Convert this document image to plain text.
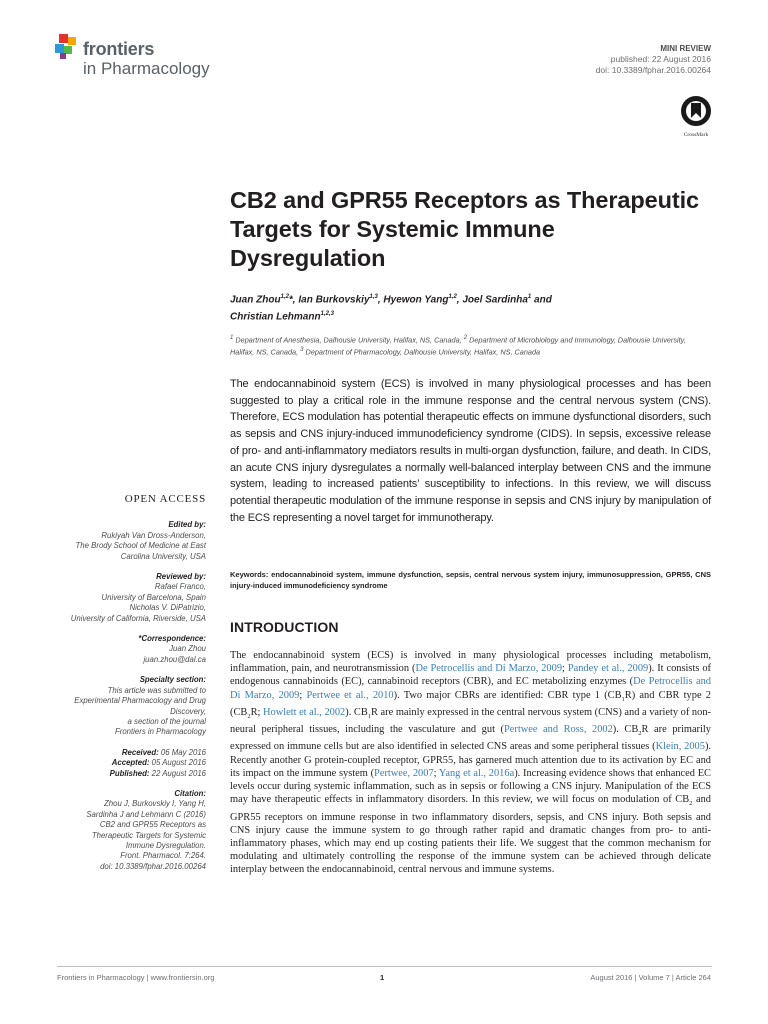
frontiers
in Pharmacology
MINI REVIEW
published: 22 August 2016
doi: 10.3389/fphar.2016.00264
CrossMark
CB2 and GPR55 Receptors as Therapeutic Targets for Systemic Immune Dysregulation
Juan Zhou$^{1,2}$*, Ian Burkovskiy$^{1,3}$, Hyewon Yang$^{1,2}$, Joel Sardinha$^1$ and
Christian Lehmann$^{1,2,3}$
$^1$ Department of Anesthesia, Dalhousie University, Halifax, NS, Canada, $^2$ Department of Microbiology and Immunology, Dalhousie University, Halifax, NS, Canada, $^3$ Department of Pharmacology, Dalhousie University, Halifax, NS, Canada

The endocannabinoid system (ECS) is involved in many physiological processes and has been suggested to play a critical role in the immune response and the central nervous system (CNS). Therefore, ECS modulation has potential therapeutic effects on immune dysfunctional disorders, such as sepsis and CNS injury-induced immunodeficiency syndrome (CIDS). In sepsis, excessive release of pro- and anti-inflammatory mediators results in multi-organ dysfunction, failure, and death. In CIDS, an acute CNS injury dysregulates a normally well-balanced interplay between CNS and the immune system, leading to increased patients’ susceptibility to infections. In this review, we will discuss potential therapeutic modulation of the immune response in sepsis and CNS injury by manipulation of the ECS representing a novel target for immunotherapy.

Keywords: endocannabinoid system, immune dysfunction, sepsis, central nervous system injury, immunosuppression, GPR55, CNS injury-induced immunodeficiency syndrome

OPEN ACCESS
Edited by:
Rukiyah Van Dross-Anderson,
The Brody School of Medicine at East
Carolina University, USA
Reviewed by:
Rafael Franco,
University of Barcelona, Spain
Nicholas V. DiPatrizio,
University of California, Riverside, USA
*Correspondence:
Juan Zhou
juan.zhou@dal.ca
Specialty section:
This article was submitted to
Experimental Pharmacology and Drug
Discovery,
a section of the journal
Frontiers in Pharmacology
Received: 06 May 2016
Accepted: 05 August 2016
Published: 22 August 2016
Citation:
Zhou J, Burkovskiy I, Yang H,
Sardinha J and Lehmann C (2016)
CB2 and GPR55 Receptors as
Therapeutic Targets for Systemic
Immune Dysregulation.
Front. Pharmacol. 7:264.
doi: 10.3389/fphar.2016.00264
INTRODUCTION

The endocannabinoid system (ECS) is involved in many physiological processes including metabolism, inflammation, pain, and neurotransmission (De Petrocellis and Di Marzo, 2009; Pandey et al., 2009). It consists of endogenous cannabinoids (EC), cannabinoid receptors (CBR), and EC metabolizing enzymes (De Petrocellis and Di Marzo, 2009; Pertwee et al., 2010). Two major CBRs are identified: CBR type 1 $(CB_1R)$ and CBR type 2 ($CB_2R$; Howlett et al., 2002). $CB_1R$ are mainly expressed in the central nervous system (CNS) and a variety of non-neural peripheral tissues, including the vasculature and gut (Pertwee and Ross, 2002). $CB_2R$ are primarily expressed on immune cells but are also identified in selected CNS areas and some peripheral tissues (Klein, 2005). Recently another G protein-coupled receptor, GPR55, has garnered much attention due to its activation by EC and its impact on the immune system (Pertwee, 2007; Yang et al., 2016a). Increasing evidence shows that enhanced EC levels occur during systemic inflammation, such as in sepsis or following a CNS injury. Manipulation of the ECS may have therapeutic effects in inflammatory disorders. In this review, we will focus on modulation of $CB_2$ and GPR55 receptors on immune response in two inflammatory disorders, sepsis, and CNS injury. Both sepsis and CNS injury cause the immune system to go through rather rapid and dramatic changes from pro- to anti-inflammatory phases, which may end up costing patients their life. We suggest that the common mechanism for modulating and ultimately controlling the response of the immune system can be achieved through delicate interplay between the endocannabinoid, central nervous and immune systems.

Frontiers in Pharmacology | www.frontiersin.org	1	August 2016 | Volume 7 | Article 264
